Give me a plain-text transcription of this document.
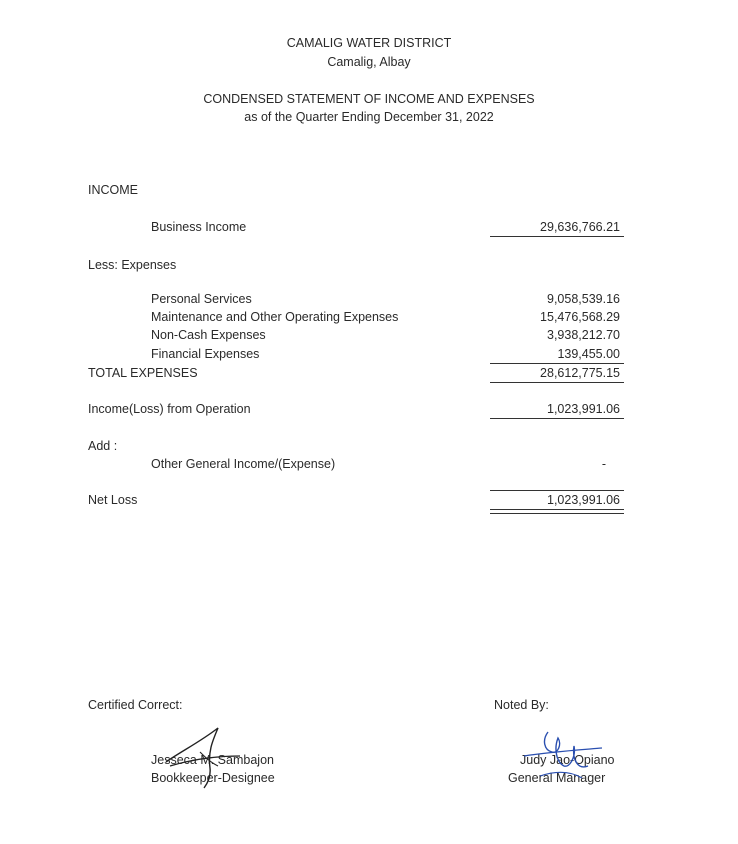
CAMALIG WATER DISTRICT
Camalig, Albay
CONDENSED STATEMENT OF INCOME AND EXPENSES
as of the Quarter Ending December 31, 2022
INCOME
Business Income	29,636,766.21
Less: Expenses
Personal Services	9,058,539.16
Maintenance and Other Operating Expenses	15,476,568.29
Non-Cash Expenses	3,938,212.70
Financial Expenses	139,455.00
TOTAL EXPENSES	28,612,775.15
Income(Loss) from Operation	1,023,991.06
Add :
Other General Income/(Expense)	-
Net Loss	1,023,991.06
Certified Correct:
Jesseca M. Sambajon
Bookkeeper-Designee
Noted By:
Judy Jao-Opiano
General Manager
